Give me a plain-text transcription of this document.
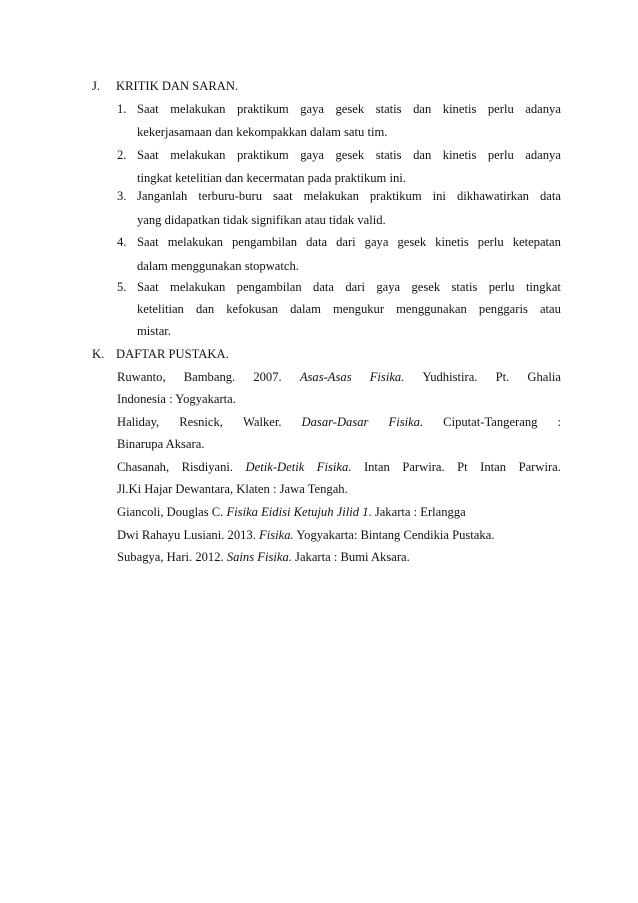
J.	KRITIK DAN SARAN.
1. Saat melakukan praktikum gaya gesek statis dan kinetis perlu adanya
kekerjasamaan dan kekompakkan dalam satu tim.
2. Saat melakukan praktikum gaya gesek statis dan kinetis perlu adanya
tingkat ketelitian dan kecermatan pada praktikum ini.
3. Janganlah terburu-buru saat melakukan praktikum ini dikhawatirkan data
yang didapatkan tidak signifikan atau tidak valid.
4. Saat melakukan pengambilan data dari gaya gesek kinetis perlu ketepatan
dalam menggunakan stopwatch.
5. Saat melakukan pengambilan data dari gaya gesek statis perlu tingkat
ketelitian dan kefokusan dalam mengukur menggunakan penggaris atau
mistar.
K. DAFTAR PUSTAKA.
Ruwanto, Bambang. 2007. Asas-Asas Fisika. Yudhistira. Pt. Ghalia
Indonesia : Yogyakarta.
Haliday, Resnick, Walker. Dasar-Dasar Fisika. Ciputat-Tangerang :
Binarupa Aksara.
Chasanah, Risdiyani. Detik-Detik Fisika. Intan Parwira. Pt Intan Parwira.
Jl.Ki Hajar Dewantara, Klaten : Jawa Tengah.
Giancoli, Douglas C. Fisika Eidisi Ketujuh Jilid 1. Jakarta : Erlangga
Dwi Rahayu Lusiani. 2013. Fisika. Yogyakarta: Bintang Cendikia Pustaka.
Subagya, Hari. 2012. Sains Fisika. Jakarta : Bumi Aksara.
